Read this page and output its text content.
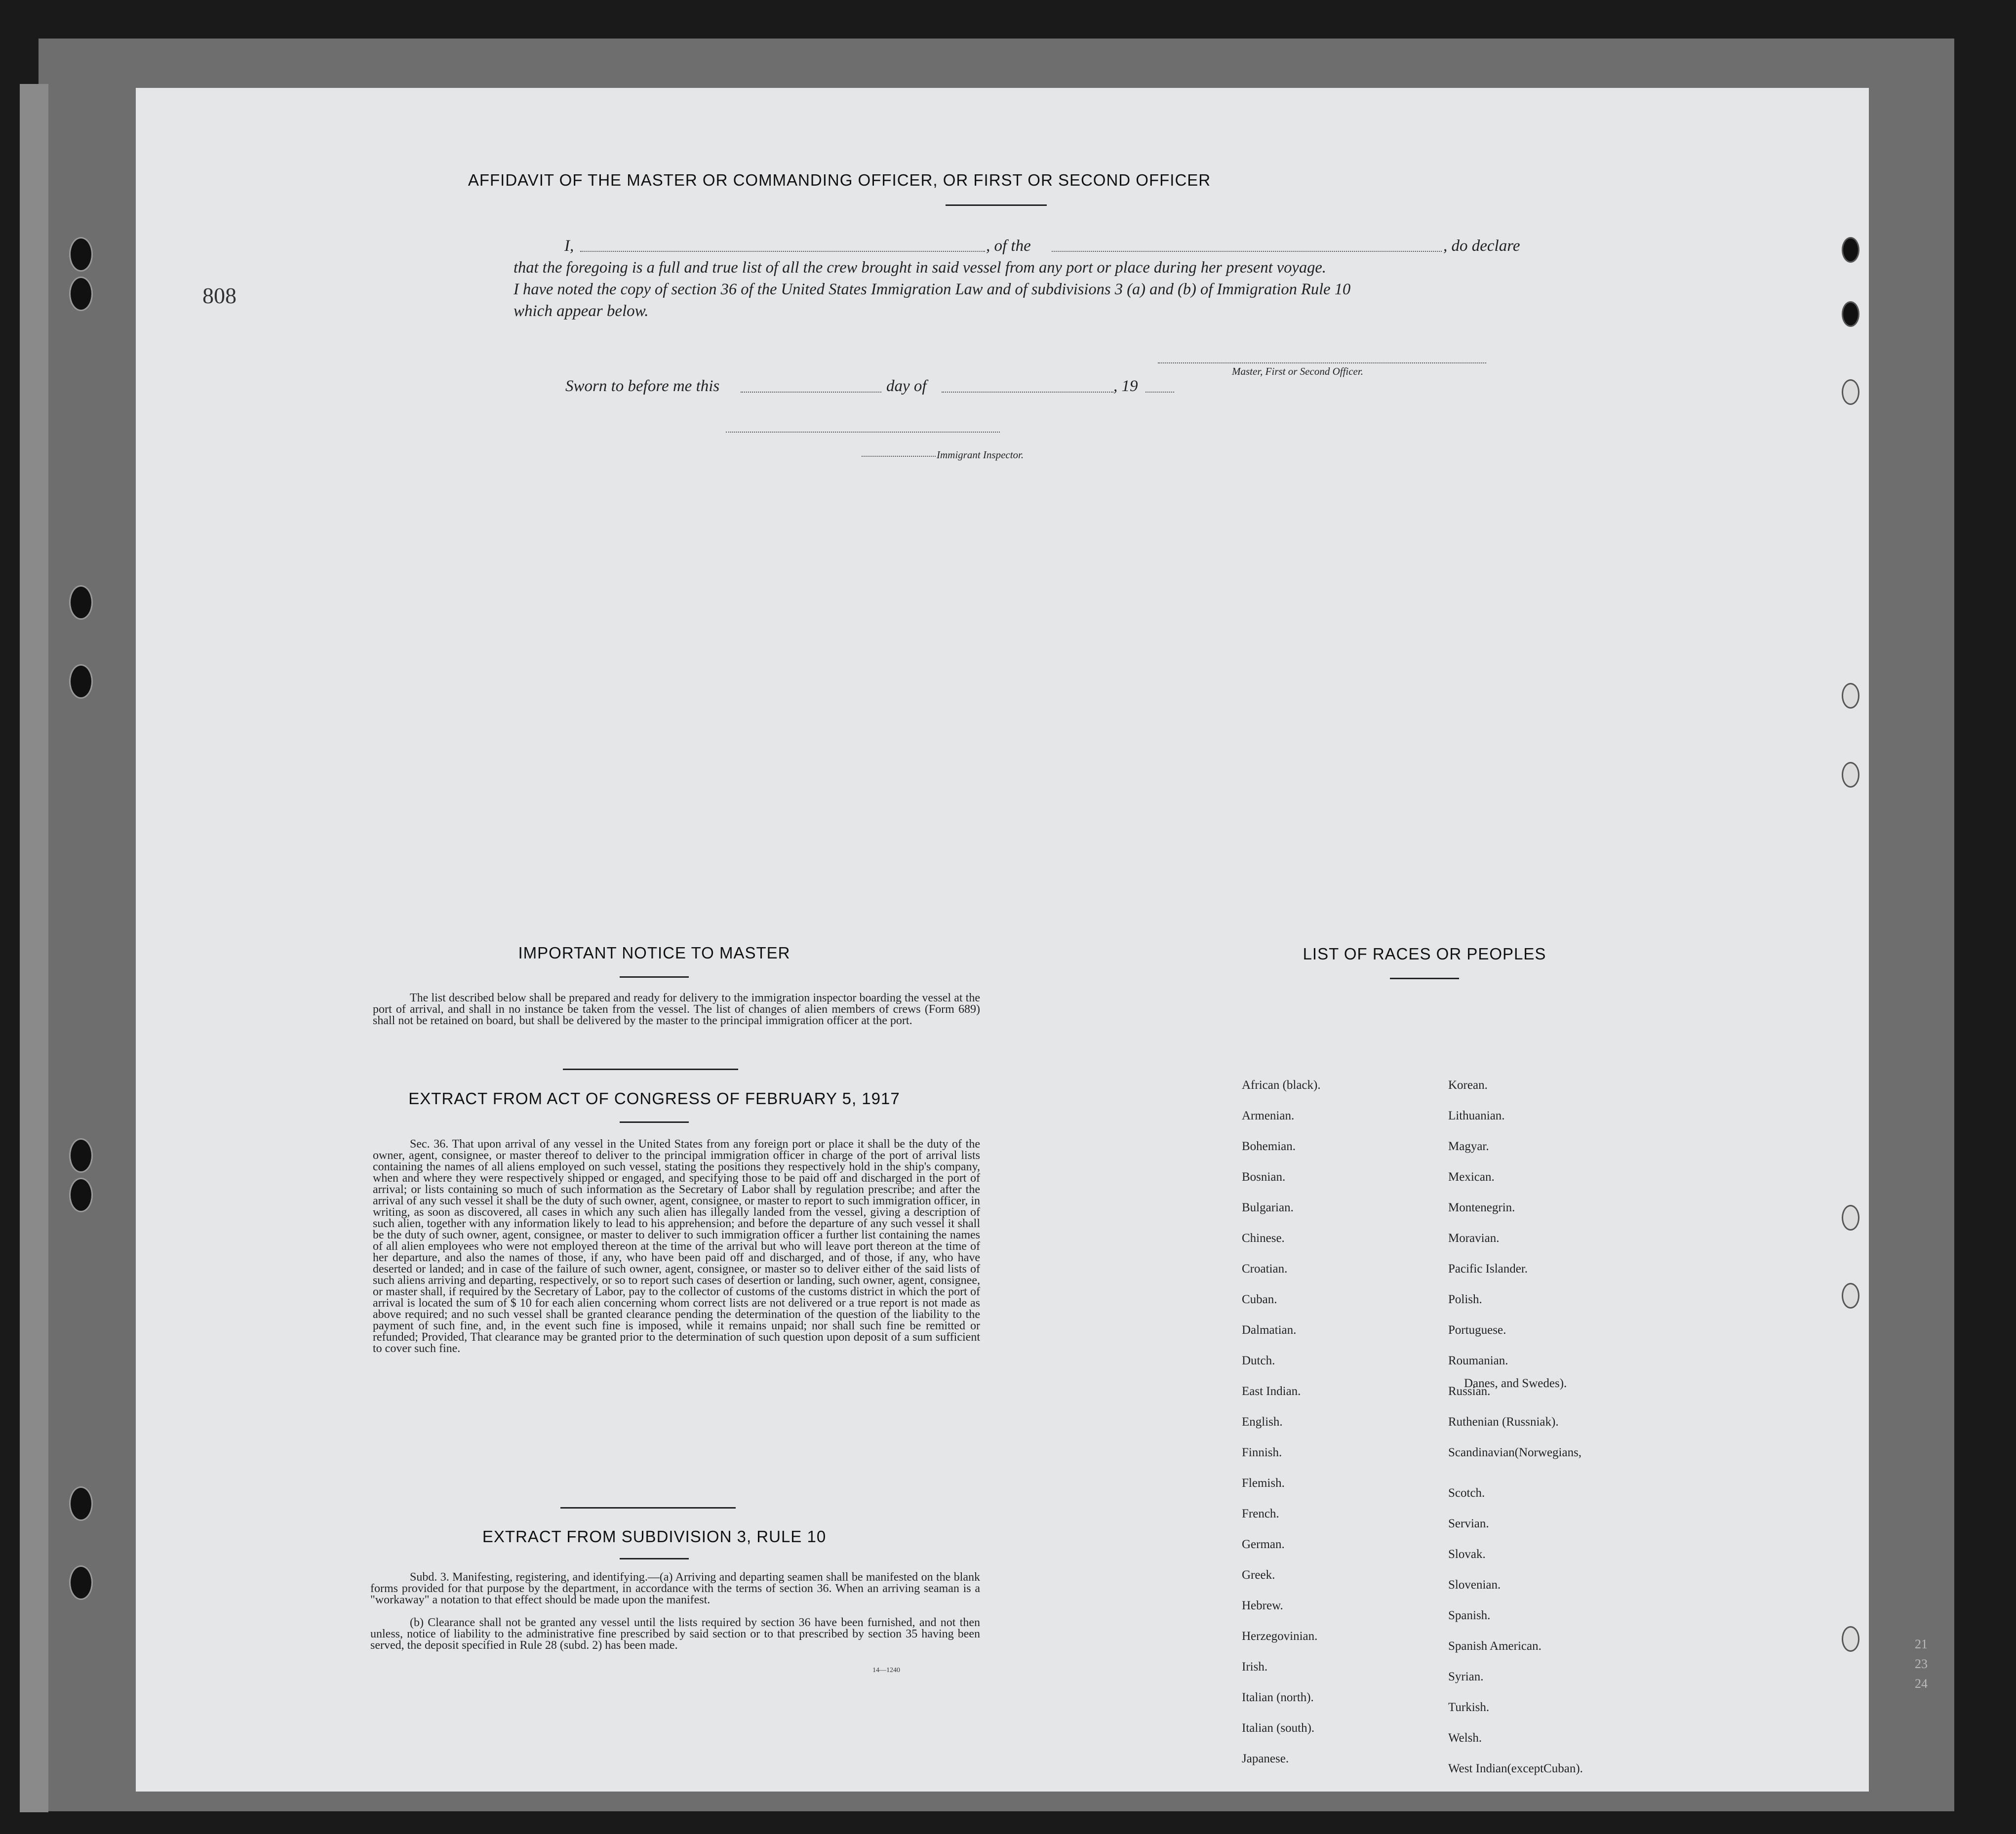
AFFIDAVIT OF THE MASTER OR COMMANDING OFFICER, OR FIRST OR SECOND OFFICER
I,	, of the	, do declare
that the foregoing is a full and true list of all the crew brought in said vessel from any port or place during her present voyage.
I have noted the copy of section 36 of the United States Immigration Law and of subdivisions 3 (a) and (b) of Immigration Rule 10
which appear below.
Master, First or Second Officer.
Sworn to before me this	day of	, 19
Immigrant Inspector.
IMPORTANT NOTICE TO MASTER

The list described below shall be prepared and ready for delivery to the immigration inspector boarding the vessel at the port of arrival, and shall in no instance be taken from the vessel. The list of changes of alien members of crews (Form 689) shall not be retained on board, but shall be delivered by the master to the principal immigration officer at the port.

EXTRACT FROM ACT OF CONGRESS OF FEBRUARY 5, 1917

Sec. 36. That upon arrival of any vessel in the United States from any foreign port or place it shall be the duty of the owner, agent, consignee, or master thereof to deliver to the principal immigration officer in charge of the port of arrival lists containing the names of all aliens employed on such vessel, stating the positions they respectively hold in the ship's company, when and where they were respectively shipped or engaged, and specifying those to be paid off and discharged in the port of arrival; or lists containing so much of such information as the Secretary of Labor shall by regulation prescribe; and after the arrival of any such vessel it shall be the duty of such owner, agent, consignee, or master to report to such immigration officer, in writing, as soon as discovered, all cases in which any such alien has illegally landed from the vessel, giving a description of such alien, together with any information likely to lead to his apprehension; and before the departure of any such vessel it shall be the duty of such owner, agent, consignee, or master to deliver to such immigration officer a further list containing the names of all alien employees who were not employed thereon at the time of the arrival but who will leave port thereon at the time of her departure, and also the names of those, if any, who have been paid off and discharged, and of those, if any, who have deserted or landed; and in case of the failure of such owner, agent, consignee, or master so to deliver either of the said lists of such aliens arriving and departing, respectively, or so to report such cases of desertion or landing, such owner, agent, consignee, or master shall, if required by the Secretary of Labor, pay to the collector of customs of the customs district in which the port of arrival is located the sum of $ 10 for each alien concerning whom correct lists are not delivered or a true report is not made as above required; and no such vessel shall be granted clearance pending the determination of the question of the liability to the payment of such fine, and, in the event such fine is imposed, while it remains unpaid; nor shall such fine be remitted or refunded; Provided, That clearance may be granted prior to the determination of such question upon deposit of a sum sufficient to cover such fine.

EXTRACT FROM SUBDIVISION 3, RULE 10

Subd. 3. Manifesting, registering, and identifying.—(a) Arriving and departing seamen shall be manifested on the blank forms provided for that purpose by the department, in accordance with the terms of section 36. When an arriving seaman is a "workaway" a notation to that effect should be made upon the manifest.

(b) Clearance shall not be granted any vessel until the lists required by section 36 have been furnished, and not then unless, notice of liability to the administrative fine prescribed by said section or to that prescribed by section 35 having been served, the deposit specified in Rule 28 (subd. 2) has been made.

14—1240
LIST OF RACES OR PEOPLES
Danes, and Swedes).
808
African (black).
Armenian.
Bohemian.
Bosnian.
Bulgarian.
Chinese.
Croatian.
Cuban.
Dalmatian.
Dutch.
East Indian.
English.
Finnish.
Flemish.
French.
German.
Greek.
Hebrew.
Herzegovinian.
Irish.
Italian (north).
Italian (south).
Japanese.
Korean.
Lithuanian.
Magyar.
Mexican.
Montenegrin.
Moravian.
Pacific Islander.
Polish.
Portuguese.
Roumanian.
Russian.
Ruthenian (Russniak).
Scandinavian(Norwegians,
Scotch.
Servian.
Slovak.
Slovenian.
Spanish.
Spanish American.
Syrian.
Turkish.
Welsh.
West Indian(exceptCuban).
21 23 24
